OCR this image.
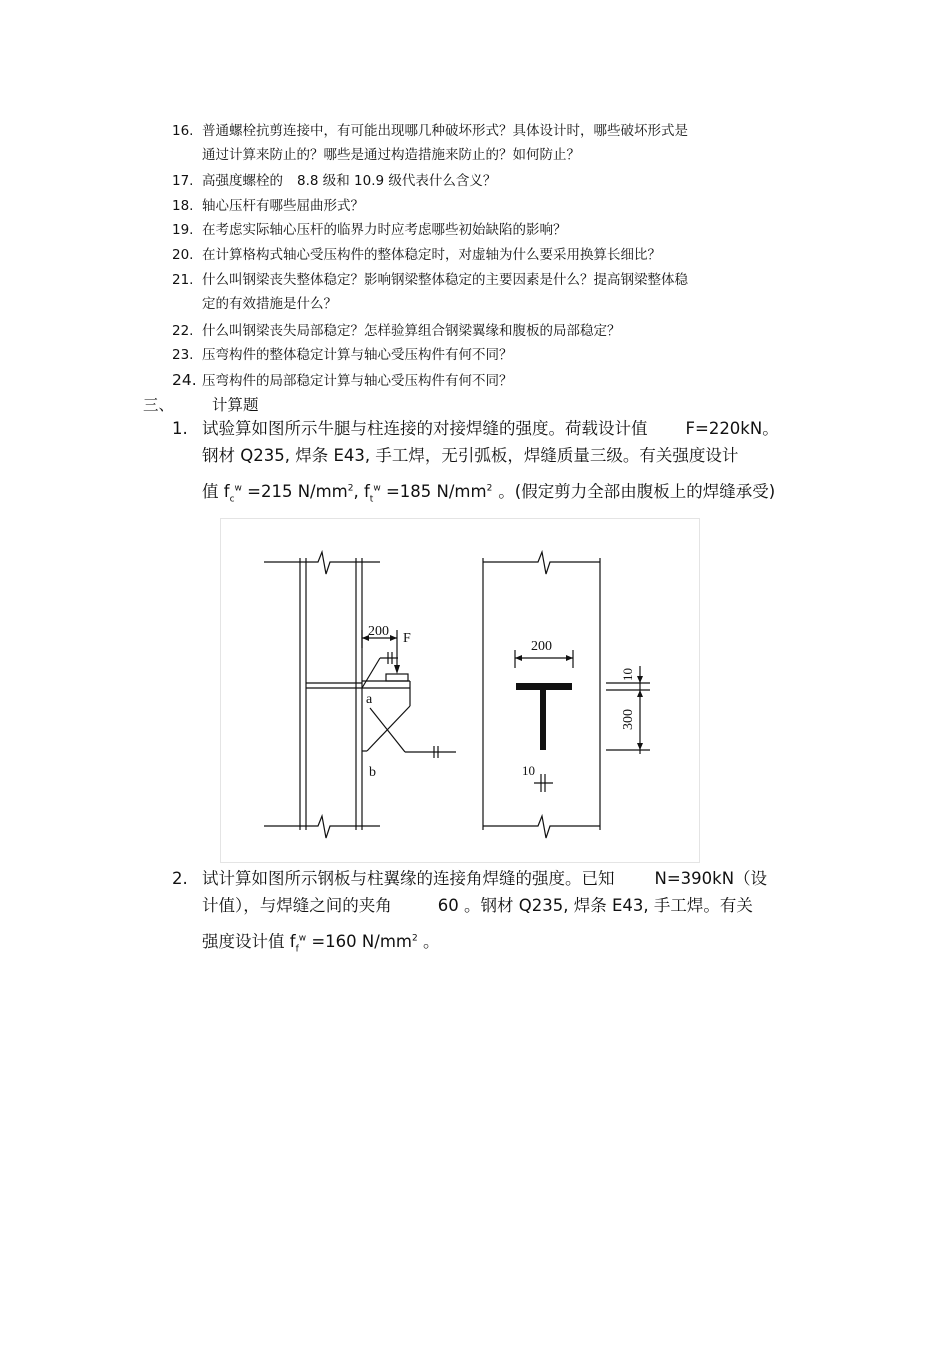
16. 普通螺栓抗剪连接中，有可能出现哪几种破坏形式？具体设计时，哪些破坏形式是
通过计算来防止的？哪些是通过构造措施来防止的？如何防止？
17. 高强度螺栓的 8.8 级和 10.9 级代表什么含义？
18. 轴心压杆有哪些屈曲形式？
19. 在考虑实际轴心压杆的临界力时应考虑哪些初始缺陷的影响？
20. 在计算格构式轴心受压构件的整体稳定时，对虚轴为什么要采用换算长细比？
21. 什么叫钢梁丧失整体稳定？影响钢梁整体稳定的主要因素是什么？提高钢梁整体稳
定的有效措施是什么？
22. 什么叫钢梁丧失局部稳定？怎样验算组合钢梁翼缘和腹板的局部稳定？
23. 压弯构件的整体稳定计算与轴心受压构件有何不同？
24. 压弯构件的局部稳定计算与轴心受压构件有何不同？
三、 计算题
1. 试验算如图所示牛腿与柱连接的对接焊缝的强度。荷载设计值 F=220kN。
钢材 Q235, 焊条 E43, 手工焊，无引弧板，焊缝质量三级。有关强度设计
值 $f_c^w =215$ $N/mm^2$, $f_t^w =185$ $N/mm^2$ 。(假定剪力全部由腹板上的焊缝承受)
200 F
a
b
200
10
10
300
2. 试计算如图所示钢板与柱翼缘的连接角焊缝的强度。已知 N=390kN（设
计值），与焊缝之间的夹角	60 。钢材 Q235, 焊条 E43, 手工焊。有关
强度设计值 $f_f^w =160$ $N/mm^2$ 。
